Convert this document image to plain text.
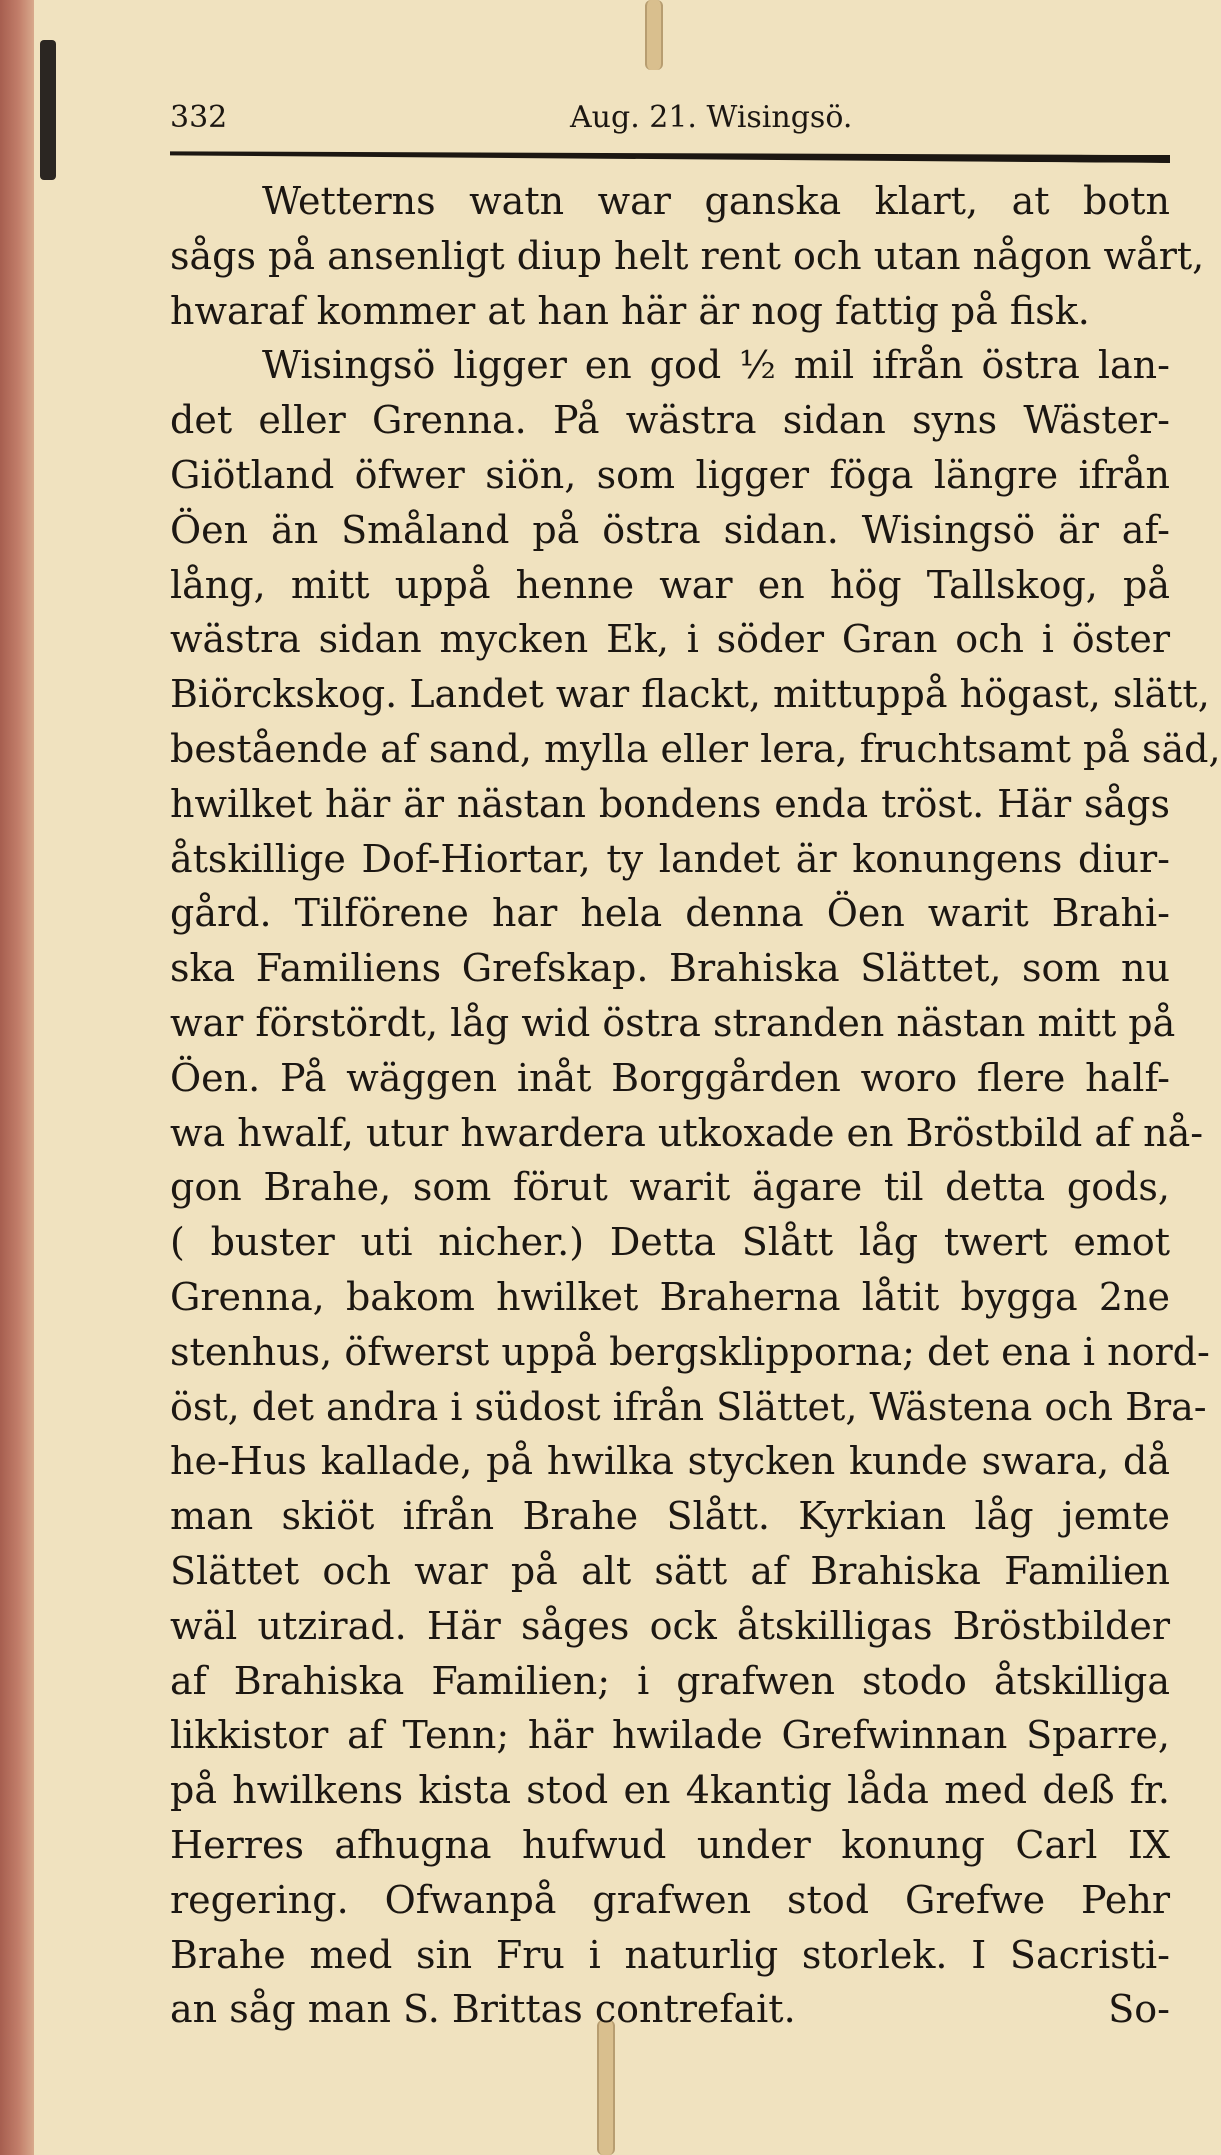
332	Aug. 21. Wisingsö.

Wetterns watn war ganska klart, at botn

sågs på ansenligt diup helt rent och utan någon wårt,

hwaraf kommer at han här är nog fattig på fisk.

Wisingsö ligger en god ½ mil ifrån östra lan-

det eller Grenna. På wästra sidan syns Wäster-

Giötland öfwer siön, som ligger föga längre ifrån

Öen än Småland på östra sidan. Wisingsö är af-

lång, mitt uppå henne war en hög Tallskog, på

wästra sidan mycken Ek, i söder Gran och i öster

Biörckskog. Landet war flackt, mittuppå högast, slätt,

bestående af sand, mylla eller lera, fruchtsamt på säd,

hwilket här är nästan bondens enda tröst. Här sågs

åtskillige Dof-Hiortar, ty landet är konungens diur-

gård. Tilförene har hela denna Öen warit Brahi-

ska Familiens Grefskap. Brahiska Slättet, som nu

war förstördt, låg wid östra stranden nästan mitt på

Öen. På wäggen inåt Borggården woro flere half-

wa hwalf, utur hwardera utkoxade en Bröstbild af nå-

gon Brahe, som förut warit ägare til detta gods,

( buster uti nicher.) Detta Slått låg twert emot

Grenna, bakom hwilket Braherna låtit bygga 2ne

stenhus, öfwerst uppå bergsklipporna; det ena i nord-

öst, det andra i südost ifrån Slättet, Wästena och Bra-

he-Hus kallade, på hwilka stycken kunde swara, då

man skiöt ifrån Brahe Slått. Kyrkian låg jemte

Slättet och war på alt sätt af Brahiska Familien

wäl utzirad. Här såges ock åtskilligas Bröstbilder

af Brahiska Familien; i grafwen stodo åtskilliga

likkistor af Tenn; här hwilade Grefwinnan Sparre,

på hwilkens kista stod en 4kantig låda med deß fr.

Herres afhugna hufwud under konung Carl IX

regering. Ofwanpå grafwen stod Grefwe Pehr

Brahe med sin Fru i naturlig storlek. I Sacristi-

an såg man S. Brittas contrefait.	So-
